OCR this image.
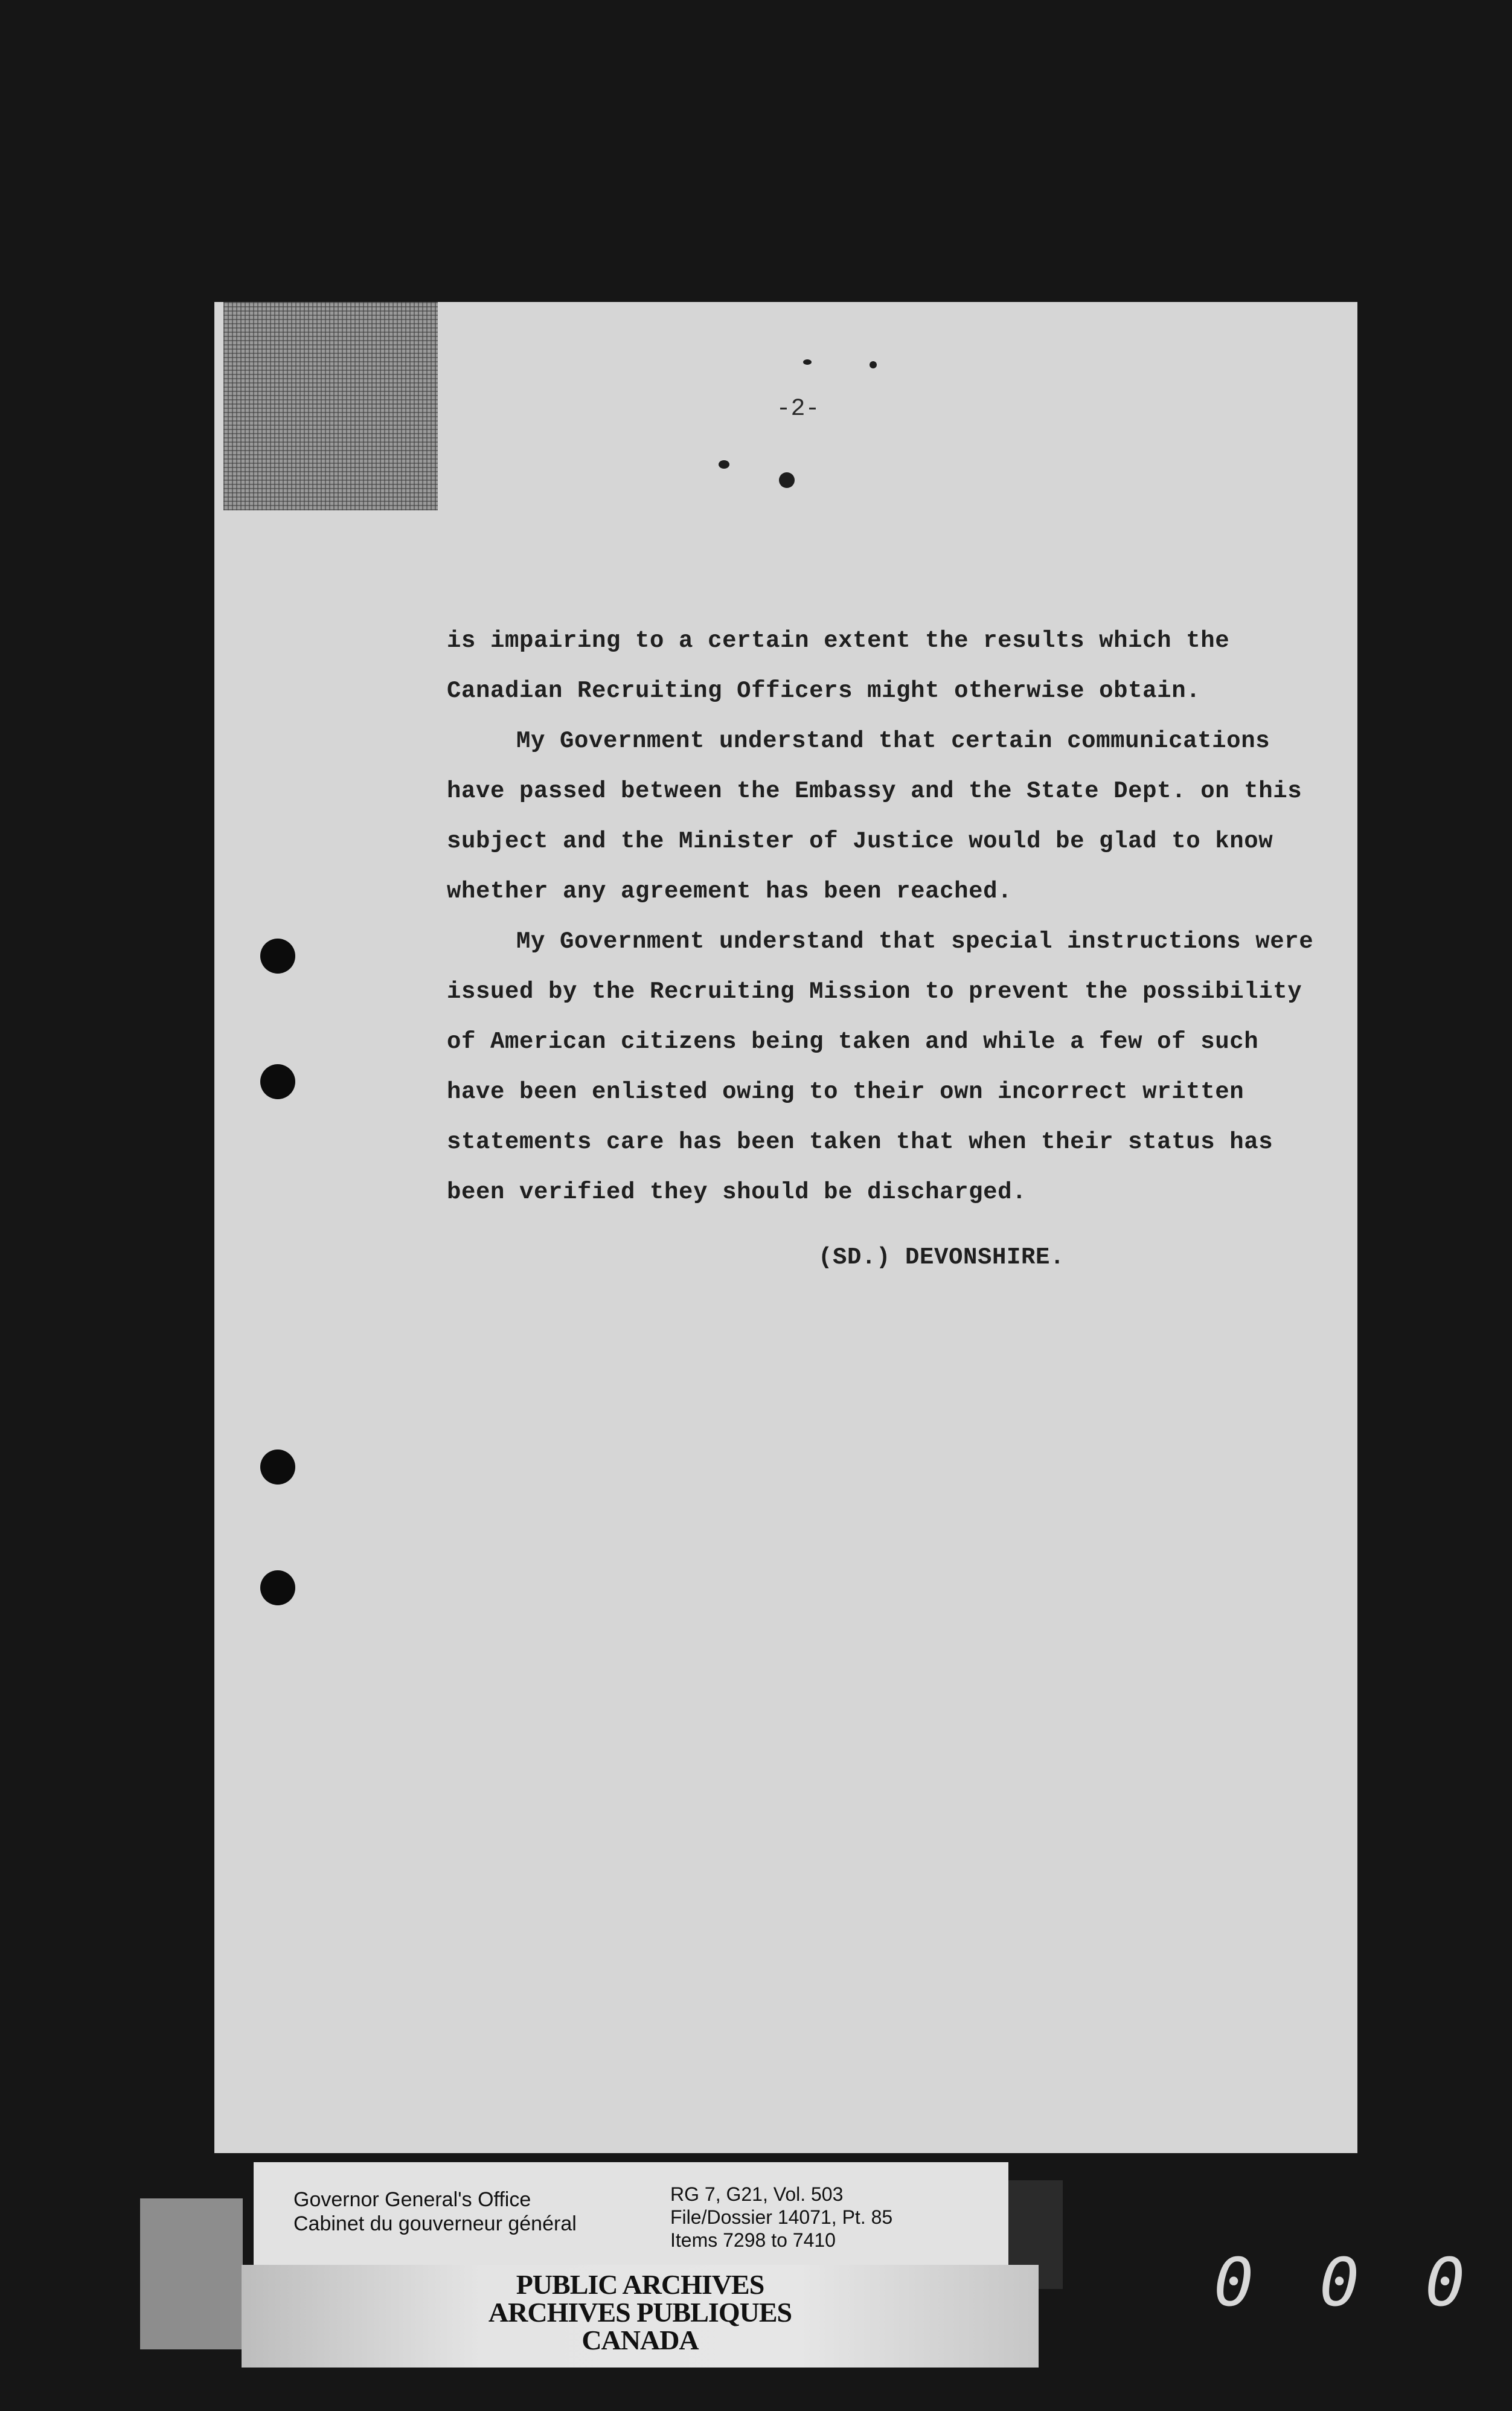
-2-
is impairing to a certain extent the results which the
Canadian Recruiting Officers might otherwise obtain.
My Government understand that certain communications
have passed between the Embassy and the State Dept. on this
subject and the Minister of Justice would be glad to know
whether any agreement has been reached.
My Government understand that special instructions were
issued by the Recruiting Mission to prevent the possibility
of American citizens being taken and while a few of such
have been enlisted owing to their own incorrect written
statements care has been taken that when their status has
been verified they should be discharged.
(SD.) DEVONSHIRE.
Governor General's Office
Cabinet du gouverneur général
RG 7, G21, Vol. 503
File/Dossier 14071, Pt. 85
Items 7298 to 7410
PUBLIC ARCHIVES
ARCHIVES PUBLIQUES
CANADA
0 0 0
